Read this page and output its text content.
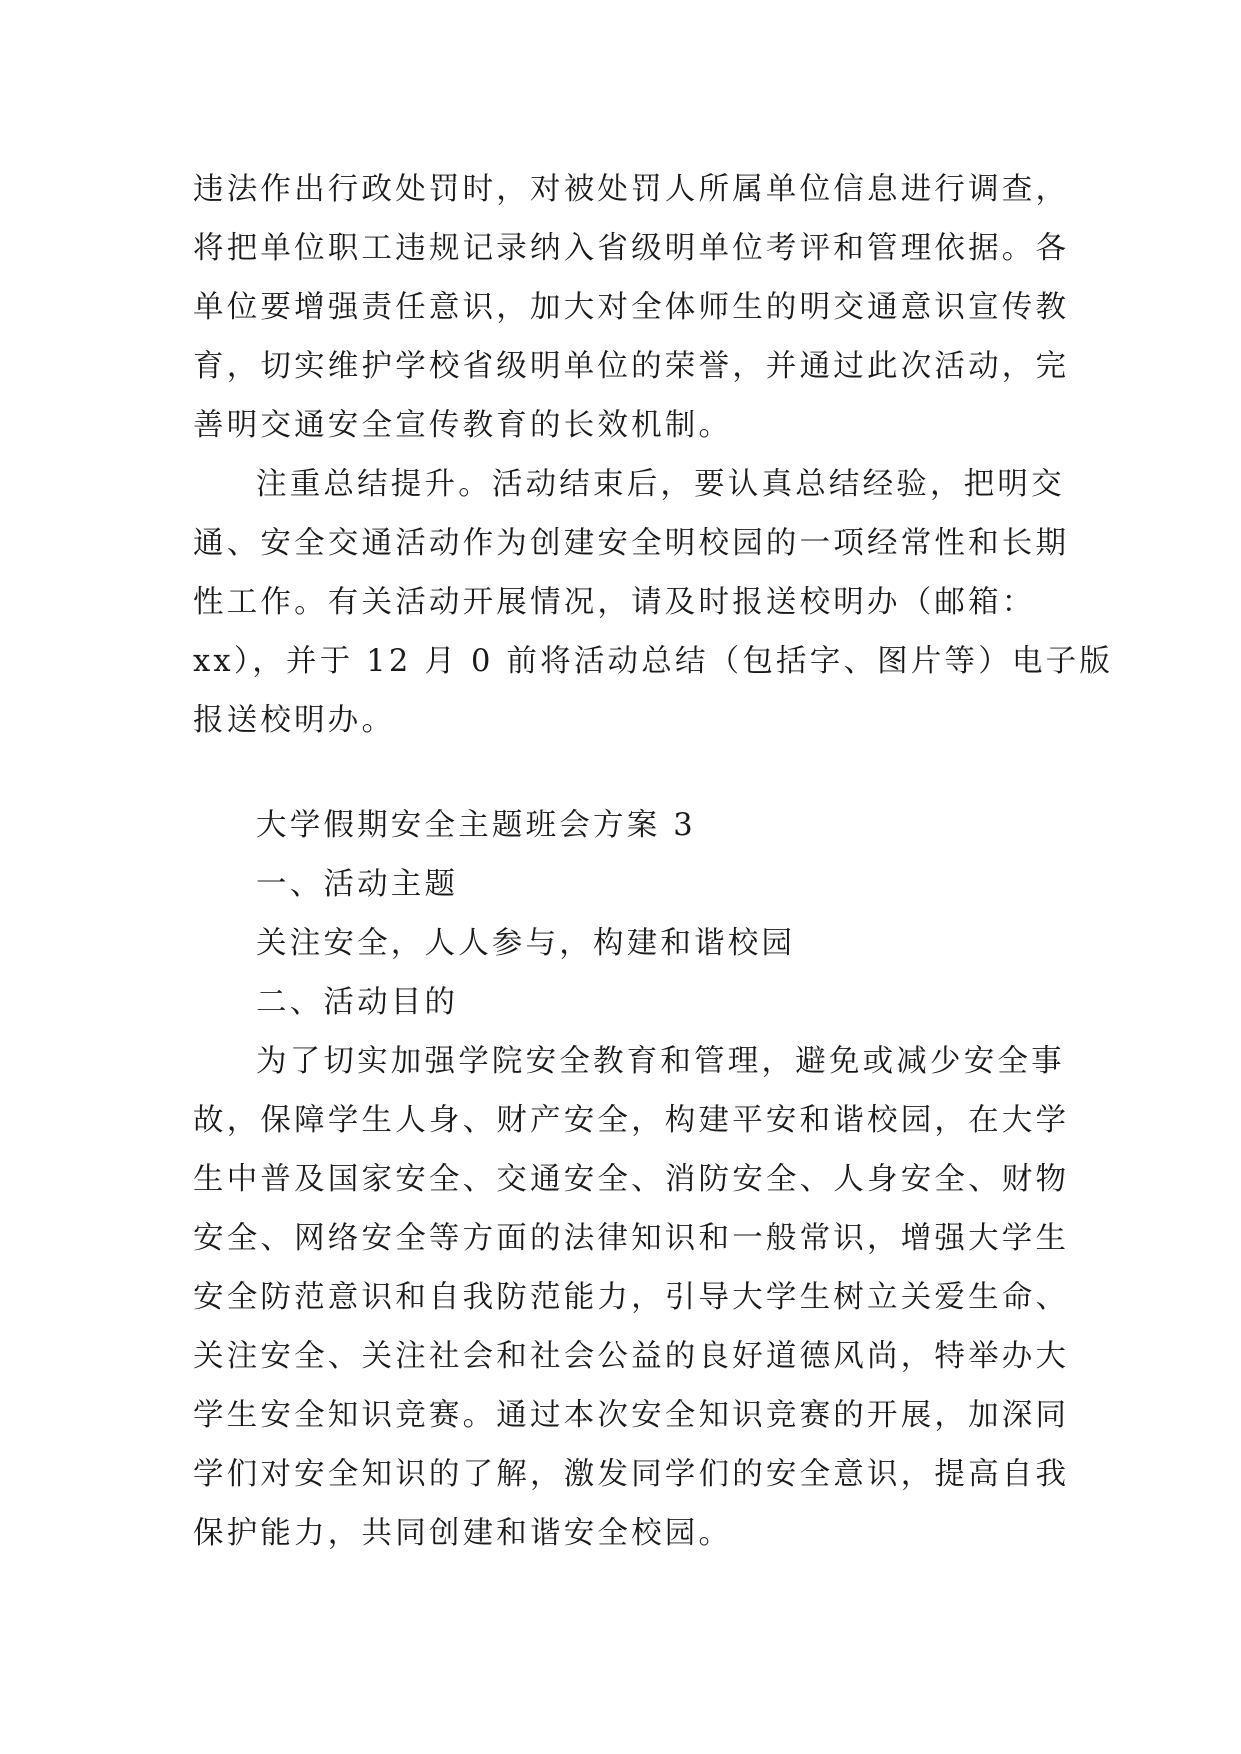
违法作出行政处罚时，对被处罚人所属单位信息进行调查，
将把单位职工违规记录纳入省级明单位考评和管理依据。各
单位要增强责任意识，加大对全体师生的明交通意识宣传教
育，切实维护学校省级明单位的荣誉，并通过此次活动，完
善明交通安全宣传教育的长效机制。
注重总结提升。活动结束后，要认真总结经验，把明交
通、安全交通活动作为创建安全明校园的一项经常性和长期
性工作。有关活动开展情况，请及时报送校明办（邮箱：
xx），并于 12 月 0 前将活动总结（包括字、图片等）电子版
报送校明办。
大学假期安全主题班会方案 3
一、活动主题
关注安全，人人参与，构建和谐校园
二、活动目的
为了切实加强学院安全教育和管理，避免或减少安全事
故，保障学生人身、财产安全，构建平安和谐校园，在大学
生中普及国家安全、交通安全、消防安全、人身安全、财物
安全、网络安全等方面的法律知识和一般常识，增强大学生
安全防范意识和自我防范能力，引导大学生树立关爱生命、
关注安全、关注社会和社会公益的良好道德风尚，特举办大
学生安全知识竞赛。通过本次安全知识竞赛的开展，加深同
学们对安全知识的了解，激发同学们的安全意识，提高自我
保护能力，共同创建和谐安全校园。
